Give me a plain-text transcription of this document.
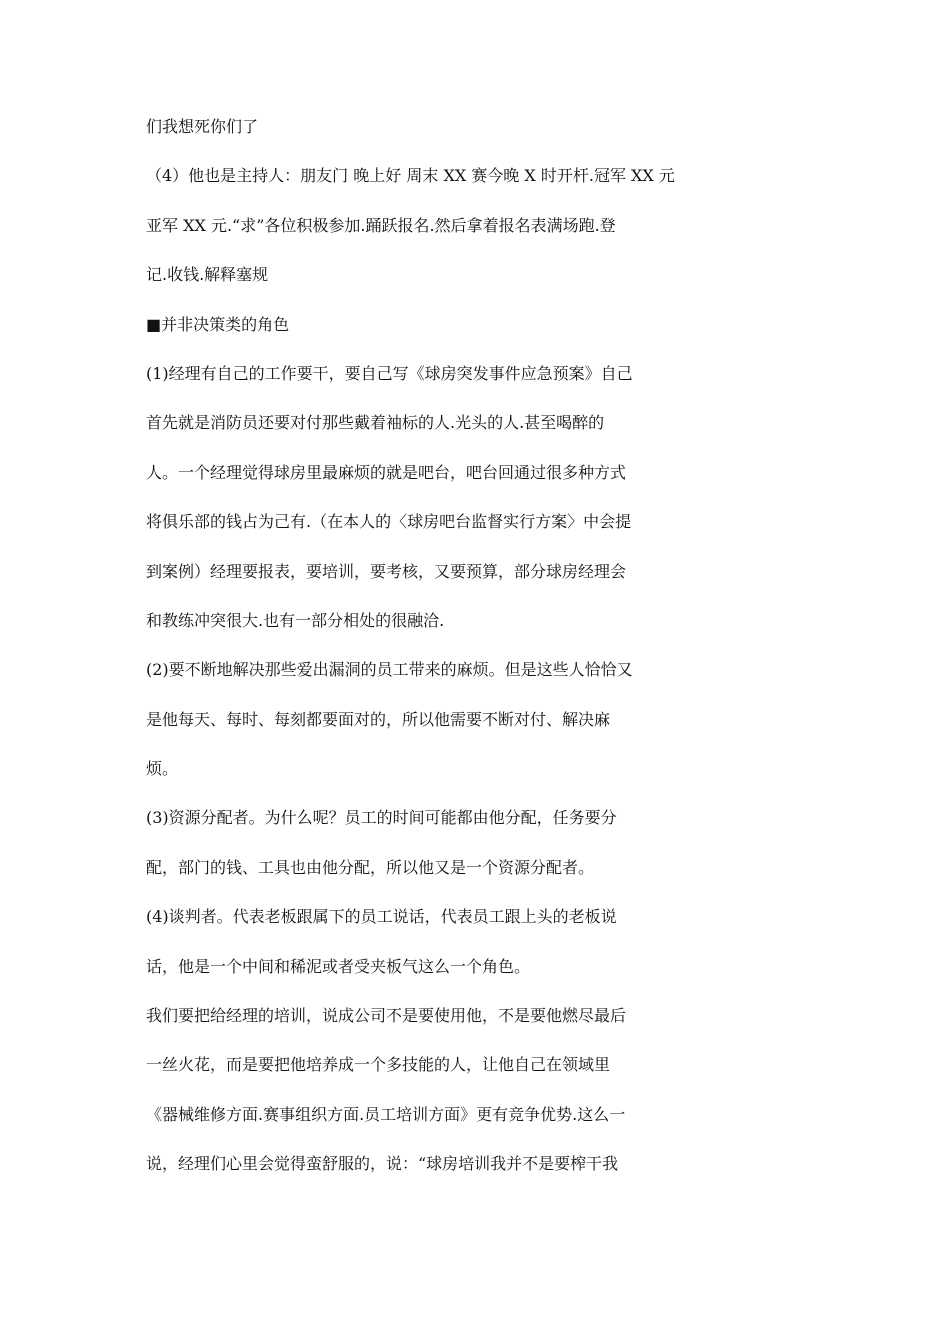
们我想死你们了
（4）他也是主持人：朋友门 晚上好 周末 XX 赛今晚 X 时开杆.冠军 XX 元
亚军 XX 元.“求”各位积极参加.踊跃报名.然后拿着报名表满场跑.登
记.收钱.解释塞规
■并非决策类的角色
(1)经理有自己的工作要干，要自己写《球房突发事件应急预案》自己
首先就是消防员还要对付那些戴着袖标的人.光头的人.甚至喝醉的
人。一个经理觉得球房里最麻烦的就是吧台，吧台回通过很多种方式
将俱乐部的钱占为己有.（在本人的〈球房吧台监督实行方案〉中会提
到案例）经理要报表，要培训，要考核，又要预算，部分球房经理会
和教练冲突很大.也有一部分相处的很融洽.
(2)要不断地解决那些爱出漏洞的员工带来的麻烦。但是这些人恰恰又
是他每天、每时、每刻都要面对的，所以他需要不断对付、解决麻
烦。
(3)资源分配者。为什么呢？员工的时间可能都由他分配，任务要分
配，部门的钱、工具也由他分配，所以他又是一个资源分配者。
(4)谈判者。代表老板跟属下的员工说话，代表员工跟上头的老板说
话，他是一个中间和稀泥或者受夹板气这么一个角色。
我们要把给经理的培训，说成公司不是要使用他，不是要他燃尽最后
一丝火花，而是要把他培养成一个多技能的人，让他自己在领域里
《器械维修方面.赛事组织方面.员工培训方面》更有竞争优势.这么一
说，经理们心里会觉得蛮舒服的，说：“球房培训我并不是要榨干我
